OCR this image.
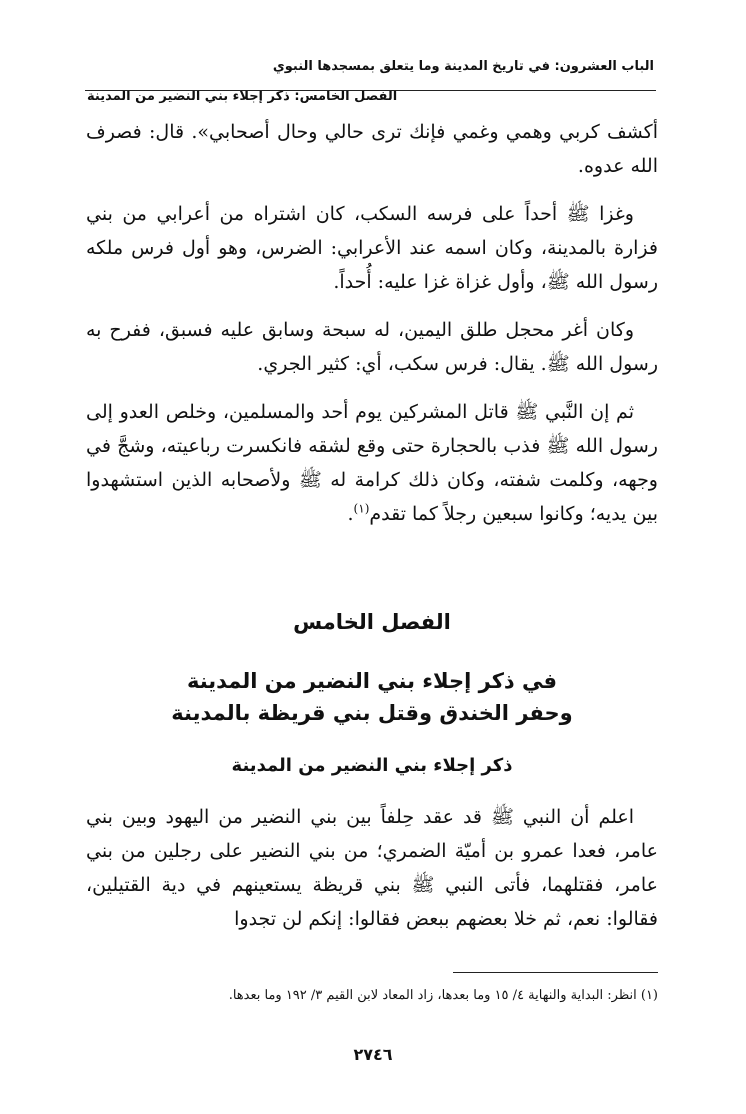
الباب العشرون: في تاريخ المدينة وما يتعلق بمسجدها النبوي
الفصل الخامس: ذكر إجلاء بني النضير من المدينة

أكشف كربي وهمي وغمي فإنك ترى حالي وحال أصحابي». قال: فصرف الله عدوه.

وغزا ﷺ أحداً على فرسه السكب، كان اشتراه من أعرابي من بني فزارة بالمدينة، وكان اسمه عند الأعرابي: الضرس، وهو أول فرس ملكه رسول الله ﷺ، وأول غزاة غزا عليه: أُحداً.

وكان أغر محجل طلق اليمين، له سبحة وسابق عليه فسبق، ففرح به رسول الله ﷺ. يقال: فرس سكب، أي: كثير الجري.

ثم إن النَّبي ﷺ قاتل المشركين يوم أحد والمسلمين، وخلص العدو إلى رسول الله ﷺ فذب بالحجارة حتى وقع لشقه فانكسرت رباعيته، وشجَّ في وجهه، وكلمت شفته، وكان ذلك كرامة له ﷺ ولأصحابه الذين استشهدوا بين يديه؛ وكانوا سبعين رجلاً كما تقدم$^{(١)}$.

الفصل الخامس
في ذكر إجلاء بني النضير من المدينة
وحفر الخندق وقتل بني قريظة بالمدينة
ذكر إجلاء بني النضير من المدينة

اعلم أن النبي ﷺ قد عقد حِلفاً بين بني النضير من اليهود وبين بني عامر، فعدا عمرو بن أميّة الضمري؛ من بني النضير على رجلين من بني عامر، فقتلهما، فأتى النبي ﷺ بني قريظة يستعينهم في دية القتيلين، فقالوا: نعم، ثم خلا بعضهم ببعض فقالوا: إنكم لن تجدوا

(١) انظر: البداية والنهاية ٤/ ١٥ وما بعدها، زاد المعاد لابن القيم ٣/ ١٩٢ وما بعدها.
٢٧٤٦
